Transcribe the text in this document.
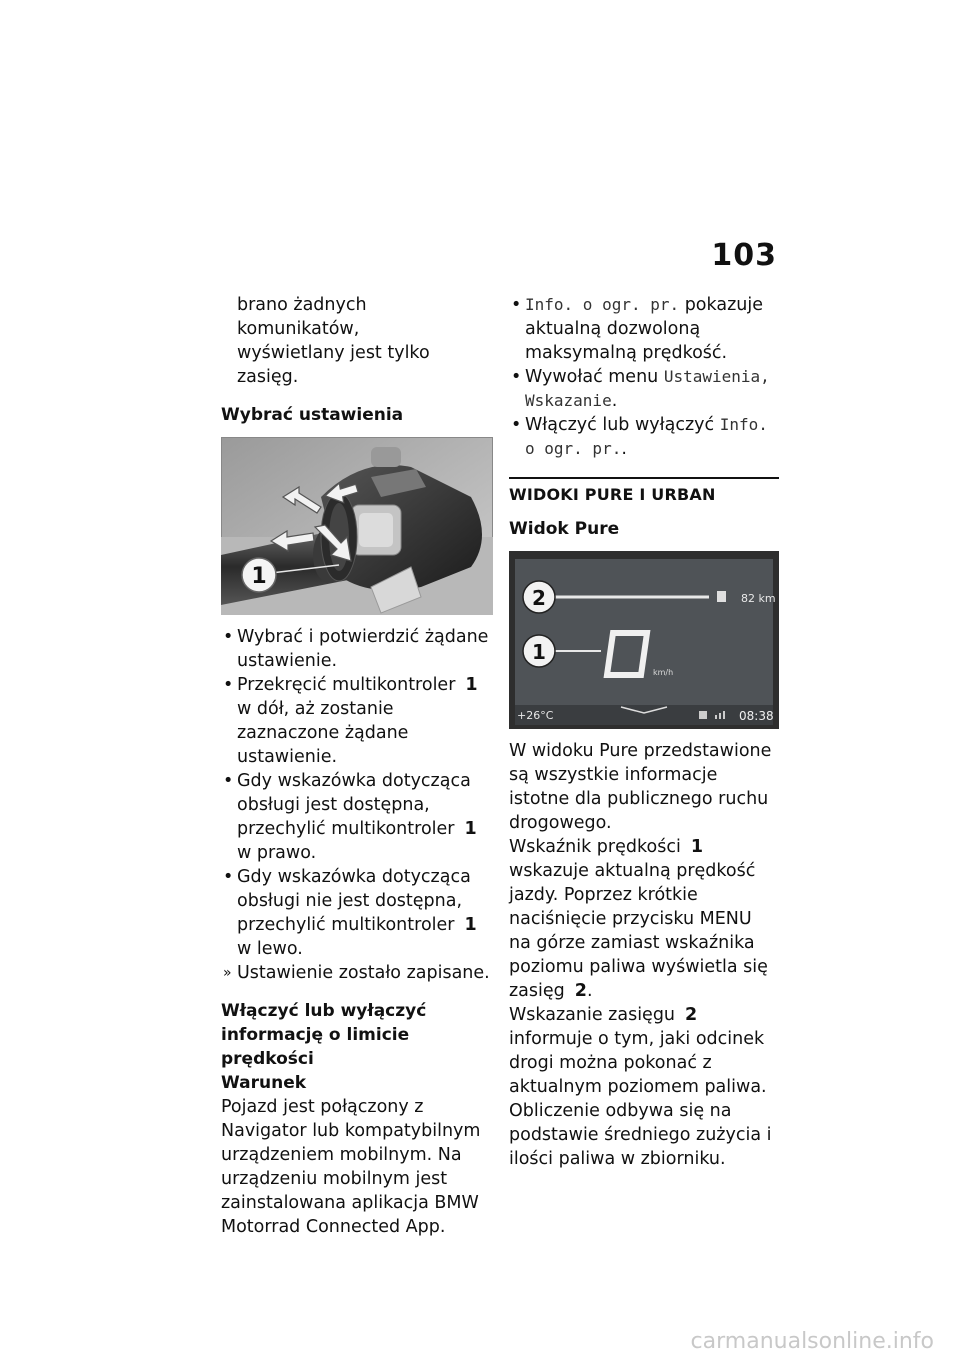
103

brano żadnych komunikatów,

wyświetlany jest tylko zasięg.

Wybrać ustawienia
1
• Wybrać i potwierdzić żądane ustawienie.
• Przekręcić multikontroler 1 w dół, aż zostanie zaznaczone żądane ustawienie.
• Gdy wskazówka dotycząca obsługi jest dostępna, przechylić multikontroler 1 w prawo.
• Gdy wskazówka dotycząca obsługi nie jest dostępna, przechylić multikontroler 1 w lewo.
» Ustawienie zostało zapisane.
Włączyć lub wyłączyć
informację o limicie prędkości
Warunek

Pojazd jest połączony z Navigator lub kompatybilnym urządzeniem mobilnym. Na urządzeniu mobilnym jest zainstalowana aplikacja BMW Motorrad Connected App.

• Info. o ogr. pr. pokazuje aktualną dozwoloną maksymalną prędkość.
• Wywołać menu Ustawienia, Wskazanie.
• Włączyć lub wyłączyć Info. o ogr. pr..
WIDOKI PURE I URBAN
Widok Pure
82 km
km/h
2
1
+26°C	08:38

W widoku Pure przedstawione są wszystkie informacje istotne dla publicznego ruchu drogowego.

Wskaźnik prędkości 1 wskazuje aktualną prędkość jazdy. Poprzez krótkie naciśnięcie przycisku MENU na górze zamiast wskaźnika poziomu paliwa wyświetla się zasięg 2.

Wskazanie zasięgu 2 informuje o tym, jaki odcinek drogi można pokonać z aktualnym poziomem paliwa. Obliczenie odbywa się na podstawie średniego zużycia i ilości paliwa w zbiorniku.

carmanualsonline.info
